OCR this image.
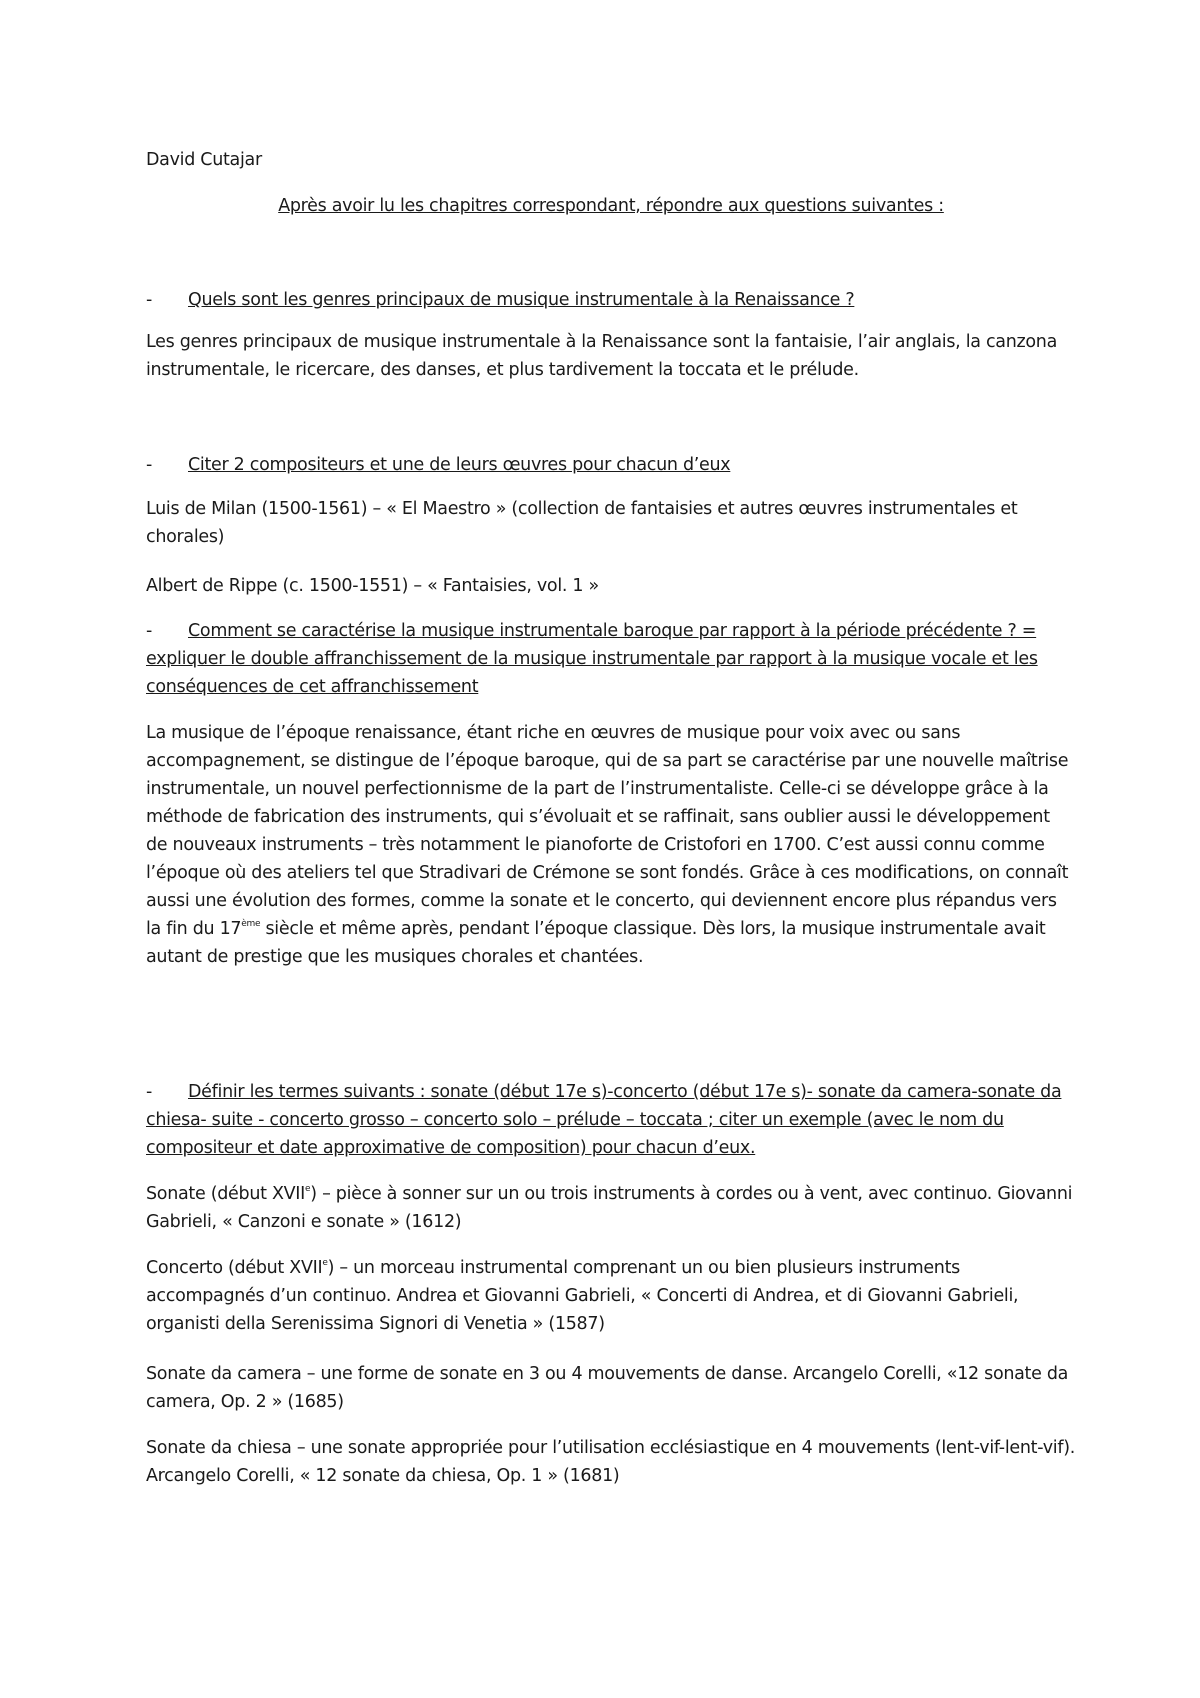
David Cutajar
Après avoir lu les chapitres correspondant, répondre aux questions suivantes :
-	Quels sont les genres principaux de musique instrumentale à la Renaissance ?
Les genres principaux de musique instrumentale à la Renaissance sont la fantaisie, l’air anglais, la canzona instrumentale, le ricercare, des danses, et plus tardivement la toccata et le prélude.
-	Citer 2 compositeurs et une de leurs œuvres pour chacun d’eux
Luis de Milan (1500-1561) – « El Maestro » (collection de fantaisies et autres œuvres instrumentales et chorales)
Albert de Rippe (c. 1500-1551) – « Fantaisies, vol. 1 »
-	Comment se caractérise la musique instrumentale baroque par rapport à la période précédente ? = expliquer le double affranchissement de la musique instrumentale par rapport à la musique vocale et les conséquences de cet affranchissement
La musique de l’époque renaissance, étant riche en œuvres de musique pour voix avec ou sans accompagnement, se distingue de l’époque baroque, qui de sa part se caractérise par une nouvelle maîtrise instrumentale, un nouvel perfectionnisme de la part de l’instrumentaliste. Celle-ci se développe grâce à la méthode de fabrication des instruments, qui s’évoluait et se raffinait, sans oublier aussi le développement de nouveaux instruments – très notamment le pianoforte de Cristofori en 1700. C’est aussi connu comme l’époque où des ateliers tel que Stradivari de Crémone se sont fondés. Grâce à ces modifications, on connaît aussi une évolution des formes, comme la sonate et le concerto, qui deviennent encore plus répandus vers la fin du 17ème siècle et même après, pendant l’époque classique. Dès lors, la musique instrumentale avait autant de prestige que les musiques chorales et chantées.
-	Définir les termes suivants : sonate (début 17e s)-concerto (début 17e s)- sonate da camera-sonate da chiesa- suite - concerto grosso – concerto solo – prélude – toccata ; citer un exemple (avec le nom du compositeur et date approximative de composition) pour chacun d’eux.
Sonate (début XVIIe) – pièce à sonner sur un ou trois instruments à cordes ou à vent, avec continuo. Giovanni Gabrieli, « Canzoni e sonate » (1612)
Concerto (début XVIIe) – un morceau instrumental comprenant un ou bien plusieurs instruments accompagnés d’un continuo. Andrea et Giovanni Gabrieli, « Concerti di Andrea, et di Giovanni Gabrieli, organisti della Serenissima Signori di Venetia » (1587)
Sonate da camera – une forme de sonate en 3 ou 4 mouvements de danse. Arcangelo Corelli, «12 sonate da camera, Op. 2 » (1685)
Sonate da chiesa – une sonate appropriée pour l’utilisation ecclésiastique en 4 mouvements (lent-vif-lent-vif). Arcangelo Corelli, « 12 sonate da chiesa, Op. 1 » (1681)
